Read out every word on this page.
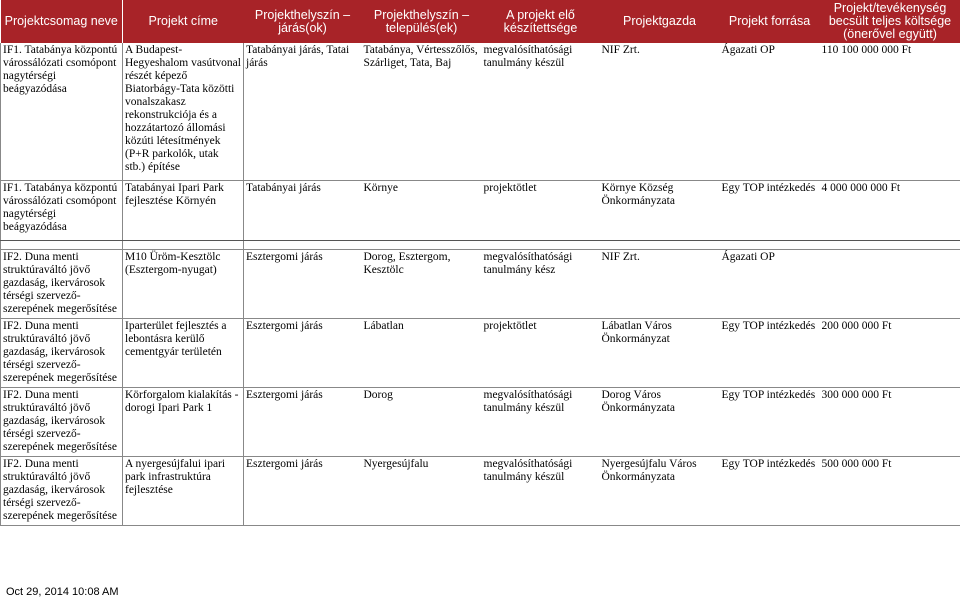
Projektcsomag neve	Projekt címe	Projekthelyszín – járás(ok)	Projekthelyszín – település(ek)	A projekt elő készítettsége	Projektgazda	Projekt forrása	Projekt/tevékenység becsült teljes költsége (önerővel együtt)
IF1. Tatabánya központú várossálózati csomópont nagytérségi beágyazódása	A Budapest-Hegyeshalom vasútvonal részét képező Biatorbágy-Tata közötti vonalszakasz rekonstrukciója és a hozzátartozó állomási közúti létesítmények (P+R parkolók, utak stb.) építése	Tatabányai járás, Tatai járás	Tatabánya, Vértesszőlős, Szárliget, Tata, Baj	megvalósíthatósági tanulmány készül	NIF Zrt.	Ágazati OP	110 100 000 000 Ft
IF1. Tatabánya központú várossálózati csomópont nagytérségi beágyazódása	Tatabányai Ipari Park fejlesztése Környén	Tatabányai járás	Környe	projektötlet	Környe Község Önkormányzata	Egy TOP intézkedés	4 000 000 000 Ft

IF2. Duna menti struktúraváltó jövő gazdaság, ikervárosok térségi szervező-szerepének megerősítése	M10 Üröm-Kesztölc (Esztergom-nyugat)	Esztergomi járás	Dorog, Esztergom, Kesztölc	megvalósíthatósági tanulmány kész	NIF Zrt.	Ágazati OP	
IF2. Duna menti struktúraváltó jövő gazdaság, ikervárosok térségi szervező-szerepének megerősítése	Iparterület fejlesztés a lebontásra kerülő cementgyár területén	Esztergomi járás	Lábatlan	projektötlet	Lábatlan Város Önkormányzat	Egy TOP intézkedés	200 000 000 Ft
IF2. Duna menti struktúraváltó jövő gazdaság, ikervárosok térségi szervező-szerepének megerősítése	Körforgalom kialakítás - dorogi Ipari Park 1	Esztergomi járás	Dorog	megvalósíthatósági tanulmány készül	Dorog Város Önkormányzata	Egy TOP intézkedés	300 000 000 Ft
IF2. Duna menti struktúraváltó jövő gazdaság, ikervárosok térségi szervező-szerepének megerősítése	A nyergesújfalui ipari park infrastruktúra fejlesztése	Esztergomi járás	Nyergesújfalu	megvalósíthatósági tanulmány készül	Nyergesújfalu Város Önkormányzata	Egy TOP intézkedés	500 000 000 Ft
Oct 29, 2014 10:08 AM
